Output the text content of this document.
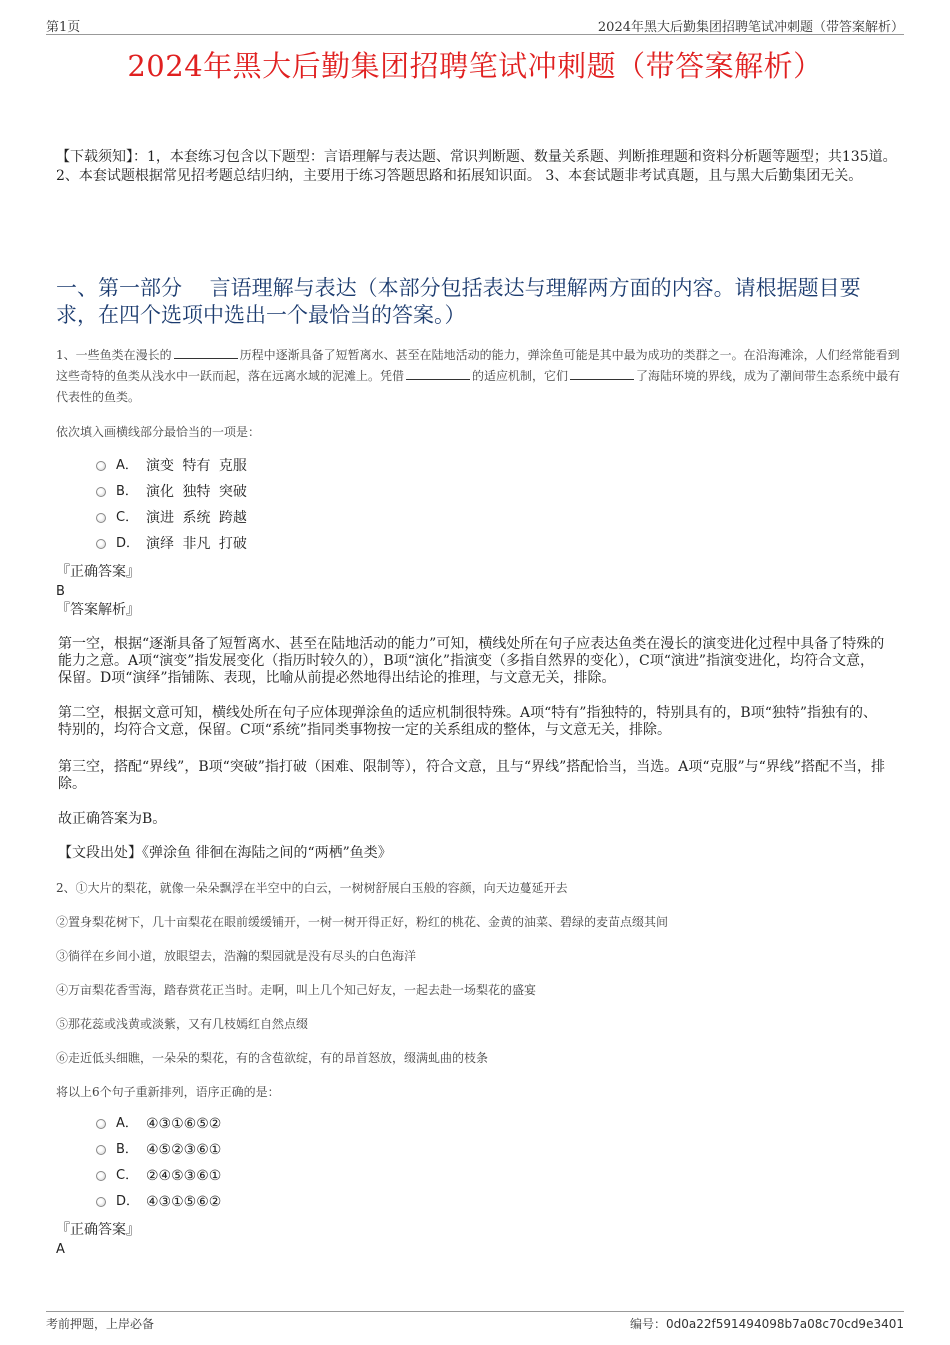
第1页	2024年黑大后勤集团招聘笔试冲刺题（带答案解析）
2024年黑大后勤集团招聘笔试冲刺题（带答案解析）
【下载须知】：1，本套练习包含以下题型：言语理解与表达题、常识判断题、数量关系题、判断推理题和资料分析题等题型；共135道。 2、本套试题根据常见招考题总结归纳，主要用于练习答题思路和拓展知识面。 3、本套试题非考试真题，且与黑大后勤集团无关。
一、第一部分　 言语理解与表达（本部分包括表达与理解两方面的内容。请根据题目要求，在四个选项中选出一个最恰当的答案。）
1、一些鱼类在漫长的	历程中逐渐具备了短暂离水、甚至在陆地活动的能力，弹涂鱼可能是其中最为成功的类群之一。在沿海滩涂，人们经常能看到这些奇特的鱼类从浅水中一跃而起，落在远离水域的泥滩上。凭借	的适应机制，它们	了海陆环境的界线，成为了潮间带生态系统中最有代表性的鱼类。
依次填入画横线部分最恰当的一项是：
A． 演变 特有 克服
B． 演化 独特 突破
C． 演进 系统 跨越
D． 演绎 非凡 打破
『正确答案』
B
『答案解析』
第一空，根据“逐渐具备了短暂离水、甚至在陆地活动的能力”可知，横线处所在句子应表达鱼类在漫长的演变进化过程中具备了特殊的能力之意。A项“演变”指发展变化（指历时较久的），B项“演化”指演变（多指自然界的变化），C项“演进”指演变进化，均符合文意，保留。D项“演绎”指铺陈、表现，比喻从前提必然地得出结论的推理，与文意无关，排除。
第二空，根据文意可知，横线处所在句子应体现弹涂鱼的适应机制很特殊。A项“特有”指独特的，特别具有的，B项“独特”指独有的、特别的，均符合文意，保留。C项“系统”指同类事物按一定的关系组成的整体，与文意无关，排除。
第三空，搭配“界线”，B项“突破”指打破（困难、限制等），符合文意，且与“界线”搭配恰当，当选。A项“克服”与“界线”搭配不当，排除。
故正确答案为B。
【文段出处】《弹涂鱼 徘徊在海陆之间的“两栖”鱼类》
2、①大片的梨花，就像一朵朵飘浮在半空中的白云，一树树舒展白玉般的容颜，向天边蔓延开去
②置身梨花树下，几十亩梨花在眼前缓缓铺开，一树一树开得正好，粉红的桃花、金黄的油菜、碧绿的麦苗点缀其间
③徜徉在乡间小道，放眼望去，浩瀚的梨园就是没有尽头的白色海洋
④万亩梨花香雪海，踏春赏花正当时。走啊，叫上几个知己好友，一起去赴一场梨花的盛宴
⑤那花蕊或浅黄或淡紫，又有几枝嫣红自然点缀
⑥走近低头细瞧，一朵朵的梨花，有的含苞欲绽，有的昂首怒放，缀满虬曲的枝条
将以上6个句子重新排列，语序正确的是：
A． ④③①⑥⑤②
B． ④⑤②③⑥①
C． ②④⑤③⑥①
D． ④③①⑤⑥②
『正确答案』
A
考前押题，上岸必备	编号：0d0a22f591494098b7a08c70cd9e3401
